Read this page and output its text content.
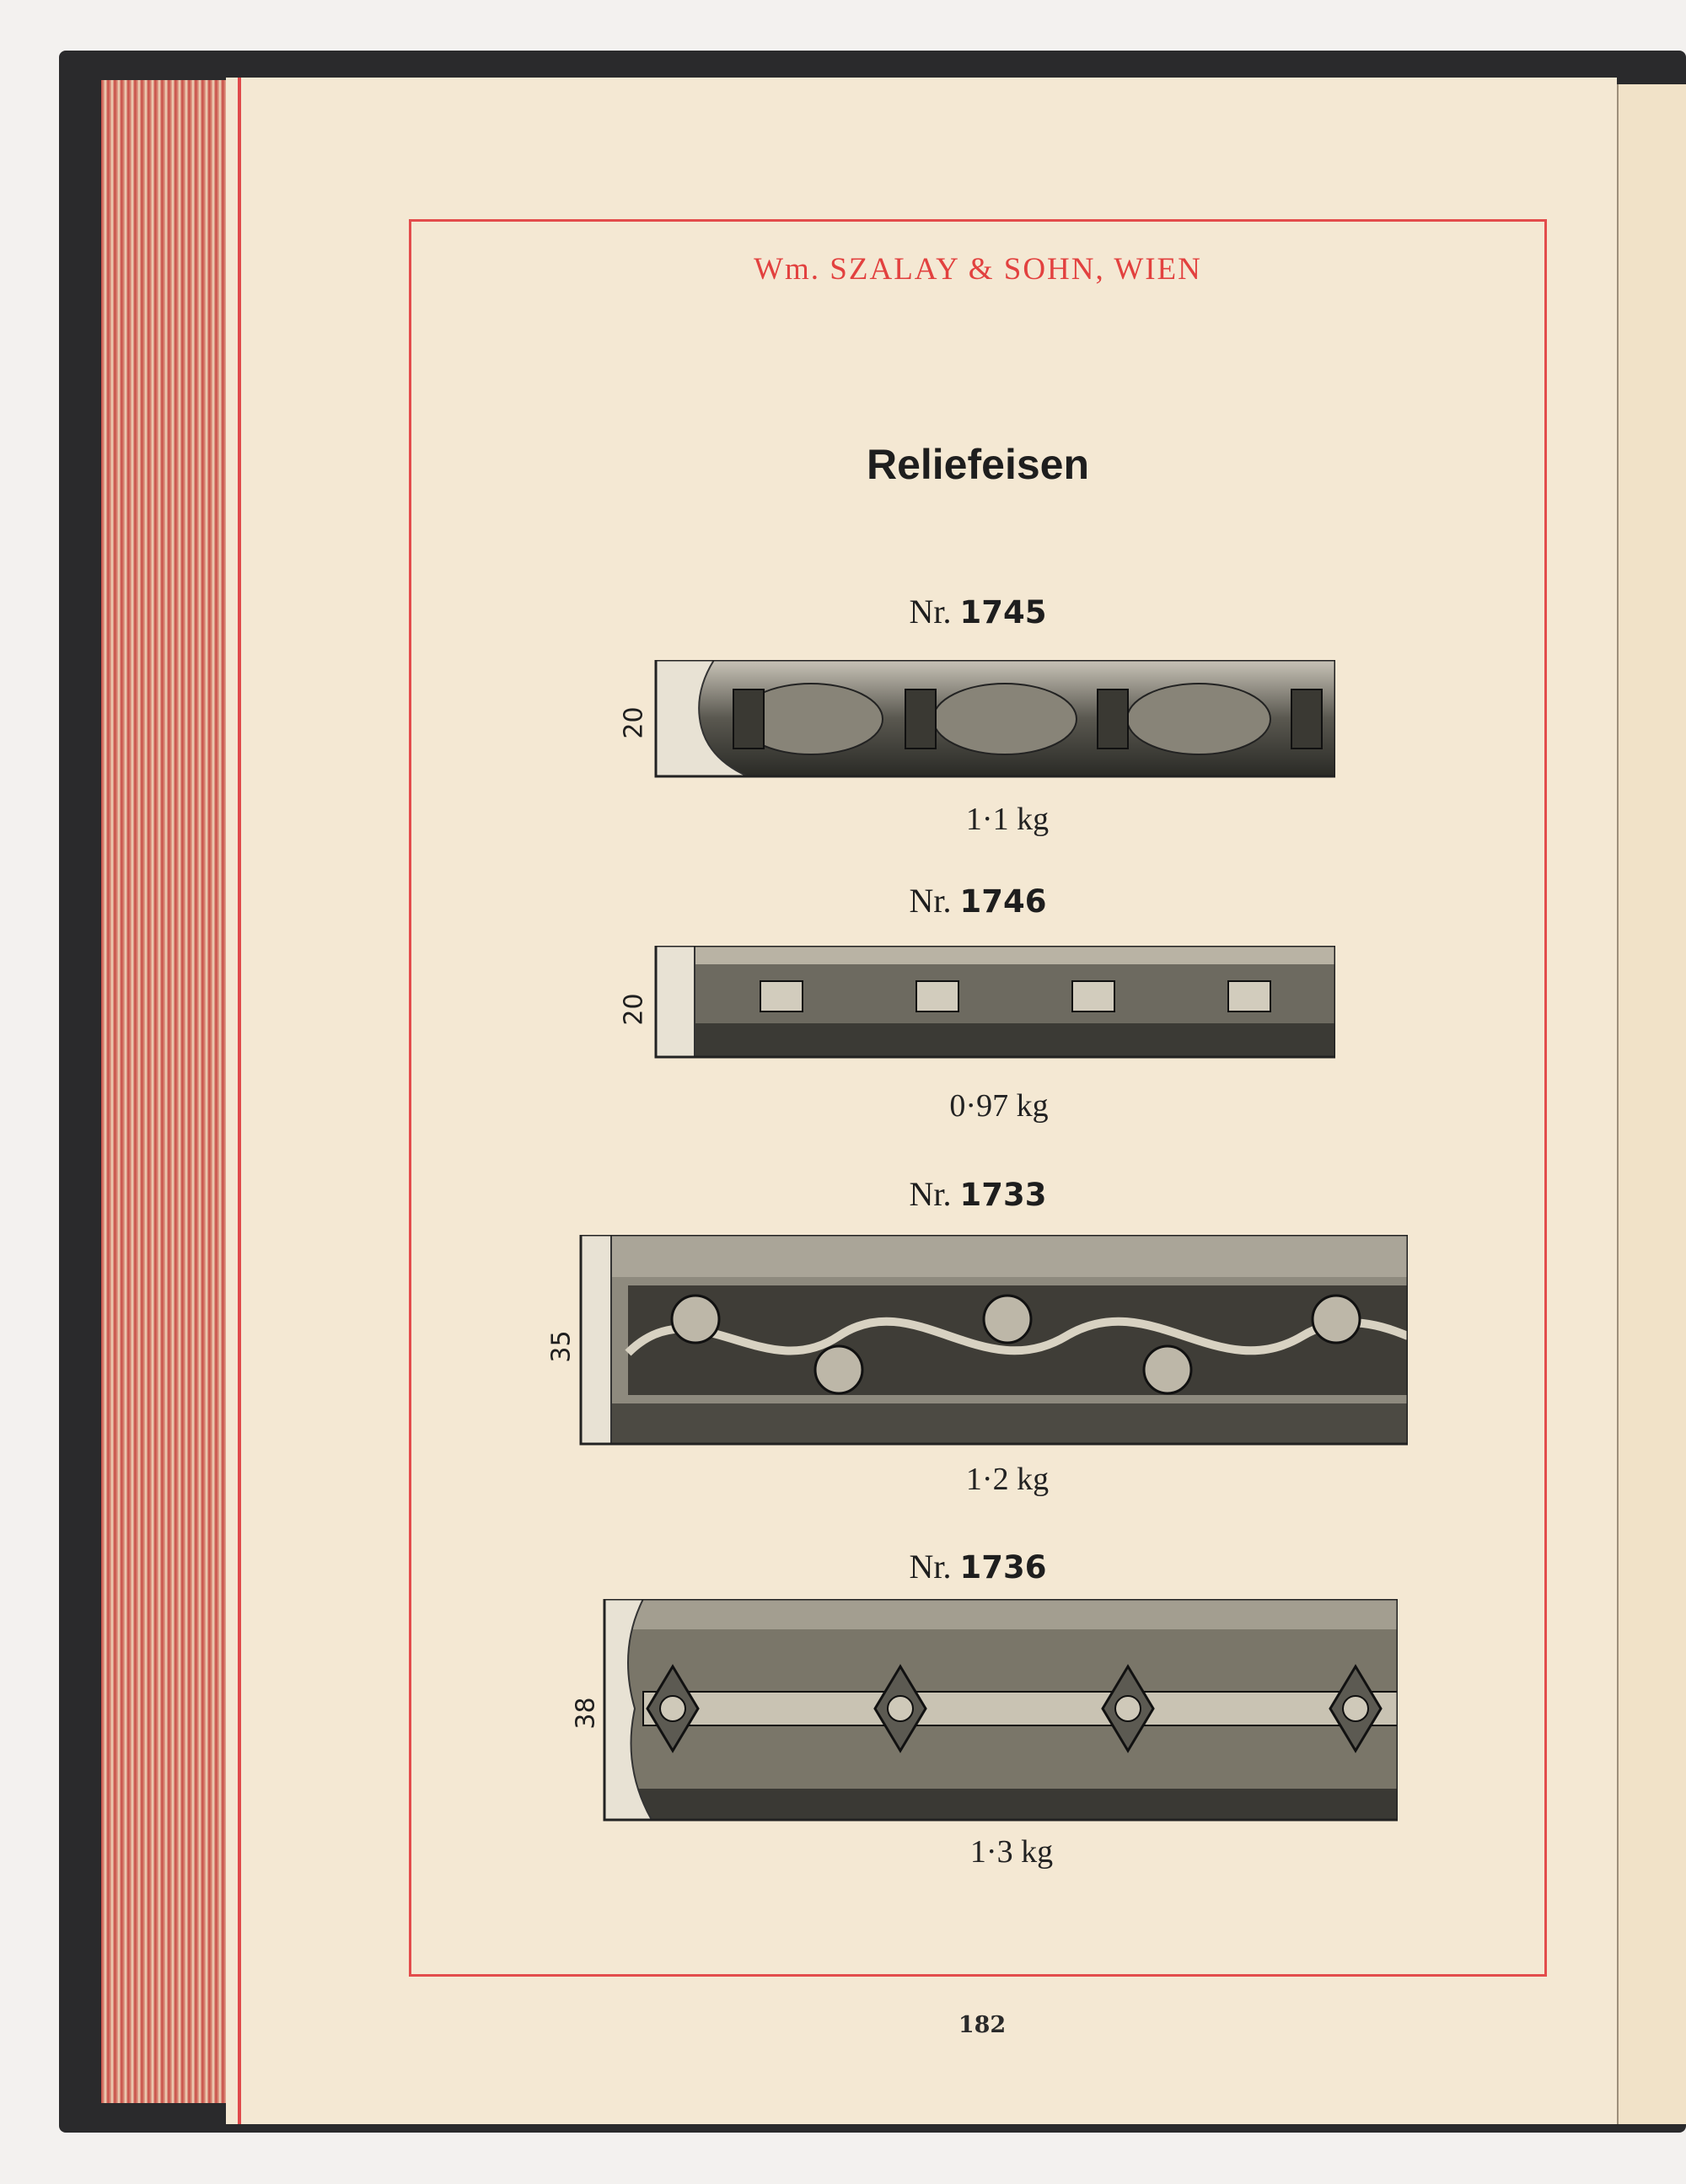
Wm. SZALAY & SOHN, WIEN
Reliefeisen
Nr. 1745
20
1·1 kg
Nr. 1746
20
0·97 kg
Nr. 1733
35
1·2 kg
Nr. 1736
38
1·3 kg
182
